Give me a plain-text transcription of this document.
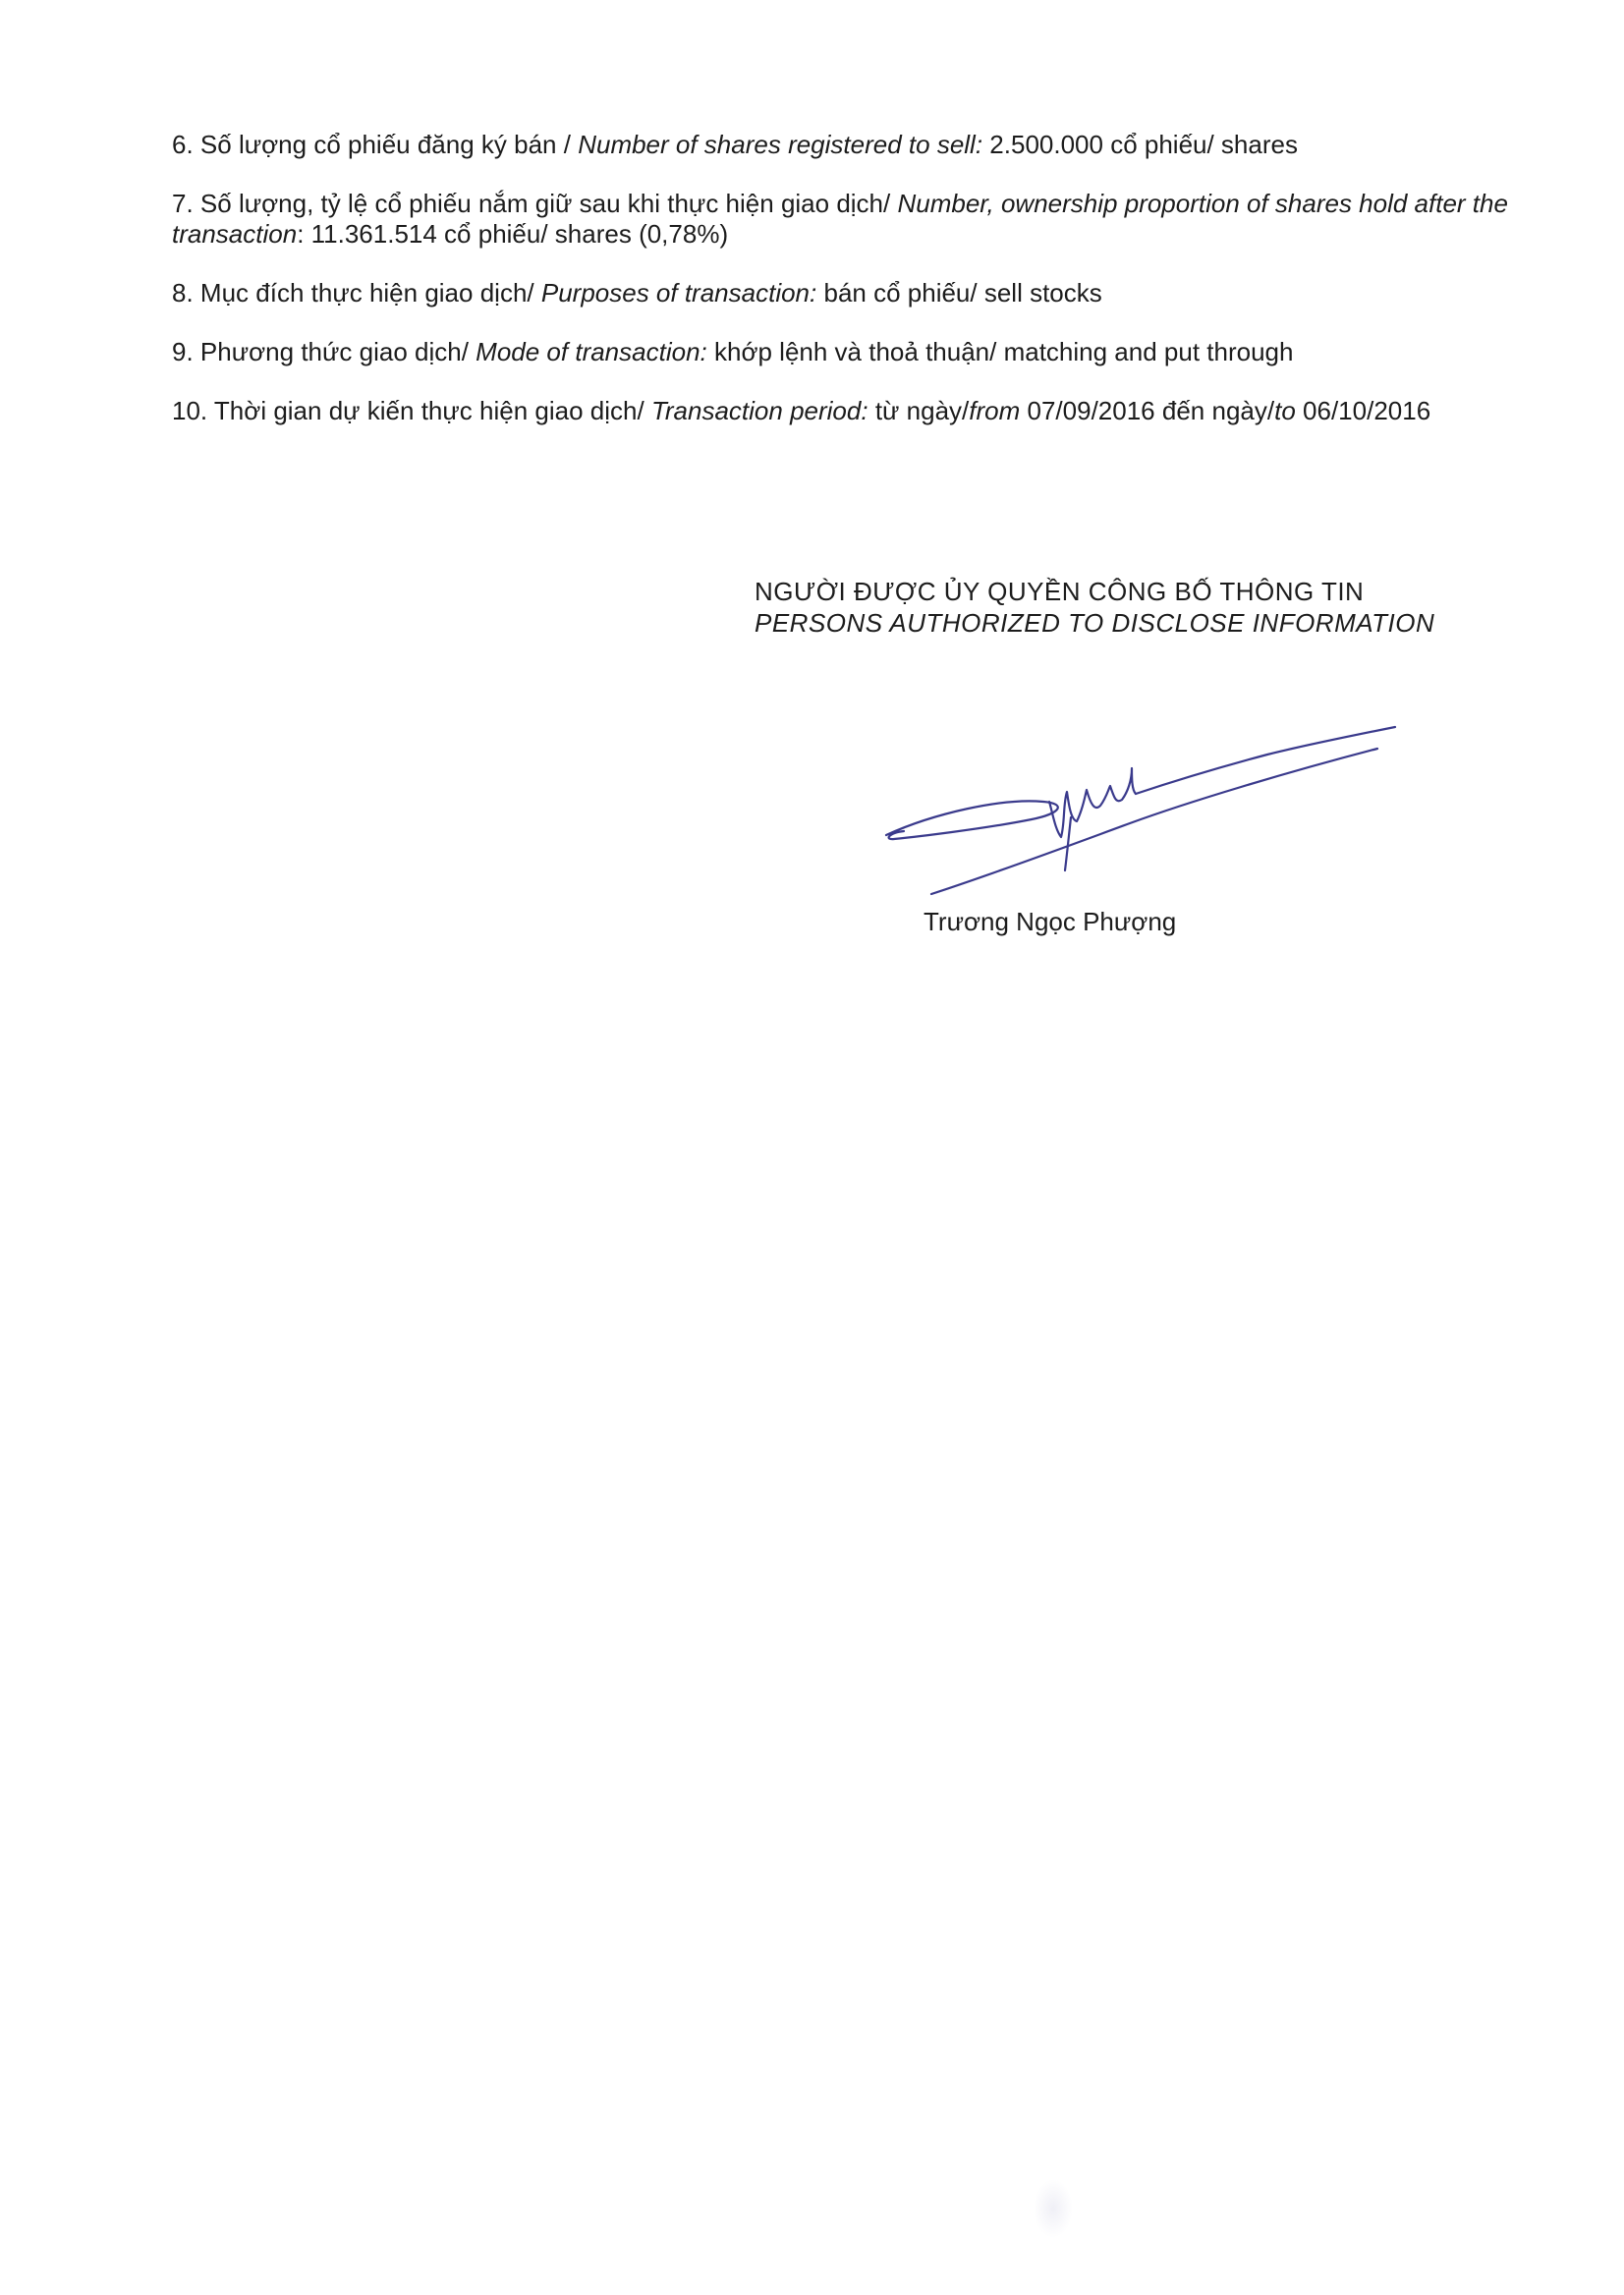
6. Số lượng cổ phiếu đăng ký bán / Number of shares registered to sell: 2.500.000 cổ phiếu/ shares

7. Số lượng, tỷ lệ cổ phiếu nắm giữ sau khi thực hiện giao dịch/ Number, ownership proportion of shares hold after the transaction: 11.361.514 cổ phiếu/ shares (0,78%)

8. Mục đích thực hiện giao dịch/ Purposes of transaction: bán cổ phiếu/ sell stocks

9. Phương thức giao dịch/ Mode of transaction: khớp lệnh và thoả thuận/ matching and put through

10. Thời gian dự kiến thực hiện giao dịch/ Transaction period: từ ngày/from 07/09/2016 đến ngày/to 06/10/2016

NGƯỜI ĐƯỢC ỦY QUYỀN CÔNG BỐ THÔNG TIN
PERSONS AUTHORIZED TO DISCLOSE INFORMATION
Trương Ngọc Phượng
